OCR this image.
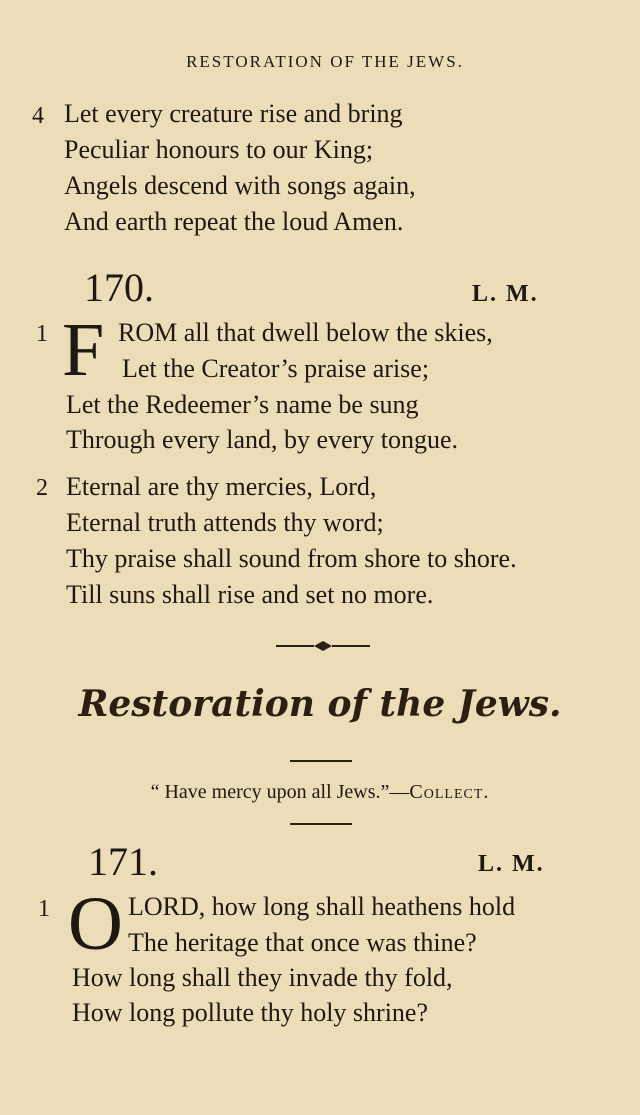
RESTORATION OF THE JEWS.
4 Let every creature rise and bring
Peculiar honours to our King;
Angels descend with songs again,
And earth repeat the loud Amen.
170.	L. M.
1 F ROM all that dwell below the skies,
Let the Creator’s praise arise;
Let the Redeemer’s name be sung
Through every land, by every tongue.
2 Eternal are thy mercies, Lord,
Eternal truth attends thy word;
Thy praise shall sound from shore to shore.
Till suns shall rise and set no more.
Restoration of the Jews.
“ Have mercy upon all Jews.”—Collect.
171.	L. M.
1 O LORD, how long shall heathens hold
The heritage that once was thine?
How long shall they invade thy fold,
How long pollute thy holy shrine?
